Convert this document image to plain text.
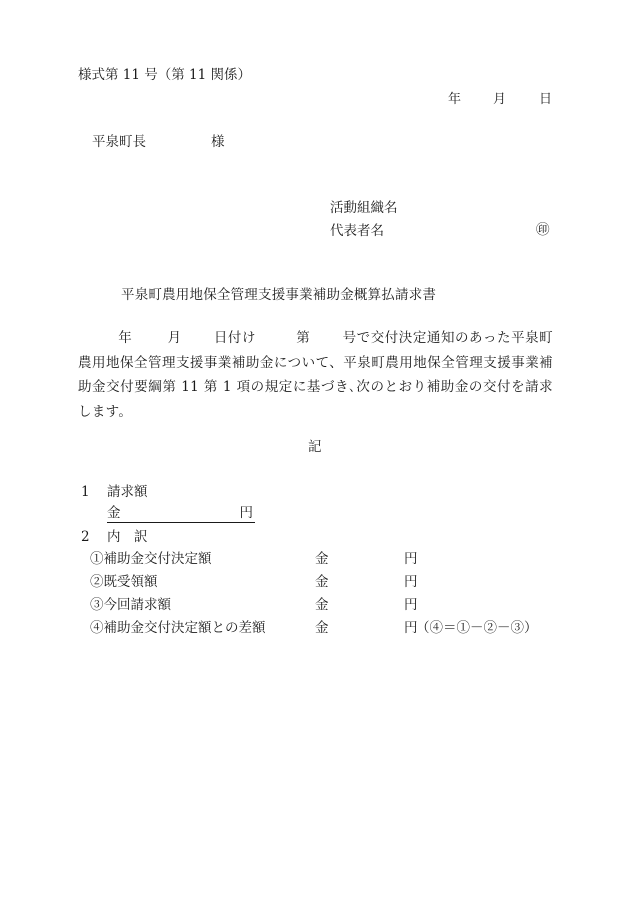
様式第 11 号（第 11 関係）
年 月	日
平泉町長	様
活動組織名
代表者名	㊞
平泉町農用地保全管理支援事業補助金概算払請求書
年	月 日付け	第 号で交付決定通知のあった平泉町農用地保全管理支援事業補助金について、平泉町農用地保全管理支援事業補助金交付要綱第 11 第 1 項の規定に基づき､次のとおり補助金の交付を請求します。
記
1 請求額
金	円
2 内　訳
①補助金交付決定額	金	円
②既受領額	金	円
③今回請求額	金	円
④補助金交付決定額との差額	金	円
（④＝①－②－③）
